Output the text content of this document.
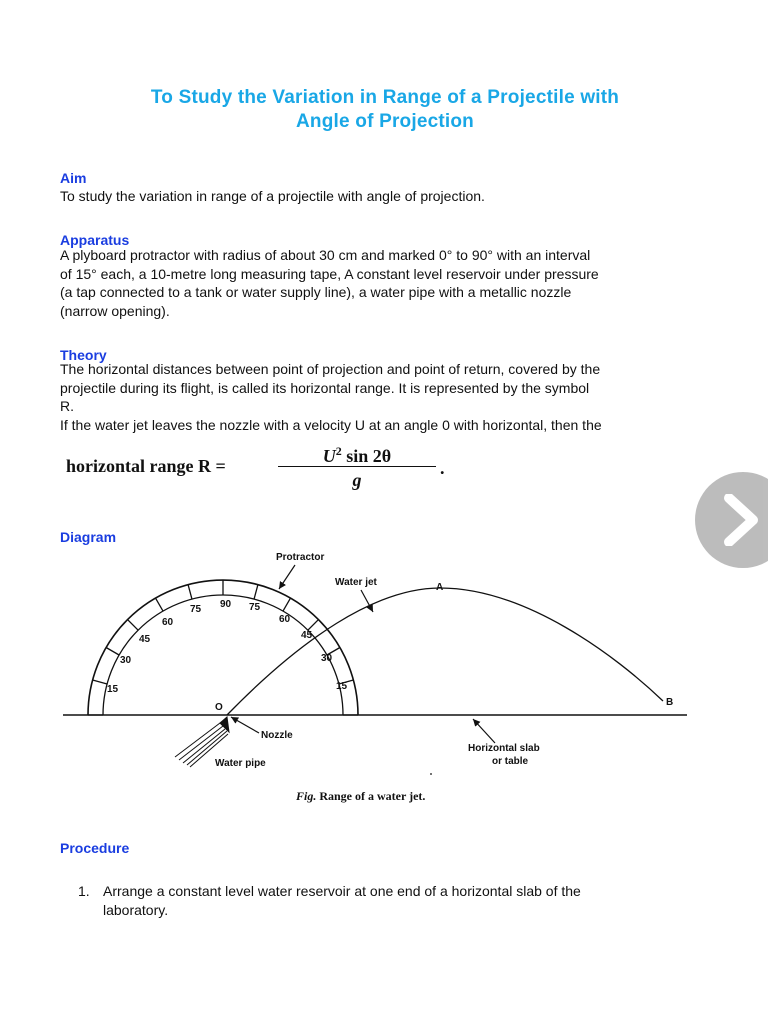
To Study the Variation in Range of a Projectile with
Angle of Projection
Aim
To study the variation in range of a projectile with angle of projection.
Apparatus
A plyboard protractor with radius of about 30 cm and marked 0° to 90° with an interval
of 15° each, a 10-metre long measuring tape, A constant level reservoir under pressure
(a tap connected to a tank or water supply line), a water pipe with a metallic nozzle
(narrow opening).
Theory
The horizontal distances between point of projection and point of return, covered by the
projectile during its flight, is called its horizontal range. It is represented by the symbol
R.
If the water jet leaves the nozzle with a velocity U at an angle 0 with horizontal, then the
horizontal range R =	$U^2$ sin 2θ
g
.
Diagram
15
30
45
60
75 90 75
60
45
30
15
Protractor
Water jet	A
B
O
Nozzle
Water pipe
Horizontal slab
or table
Fig. Range of a water jet.
Procedure
1. Arrange a constant level water reservoir at one end of a horizontal slab of the
laboratory.
